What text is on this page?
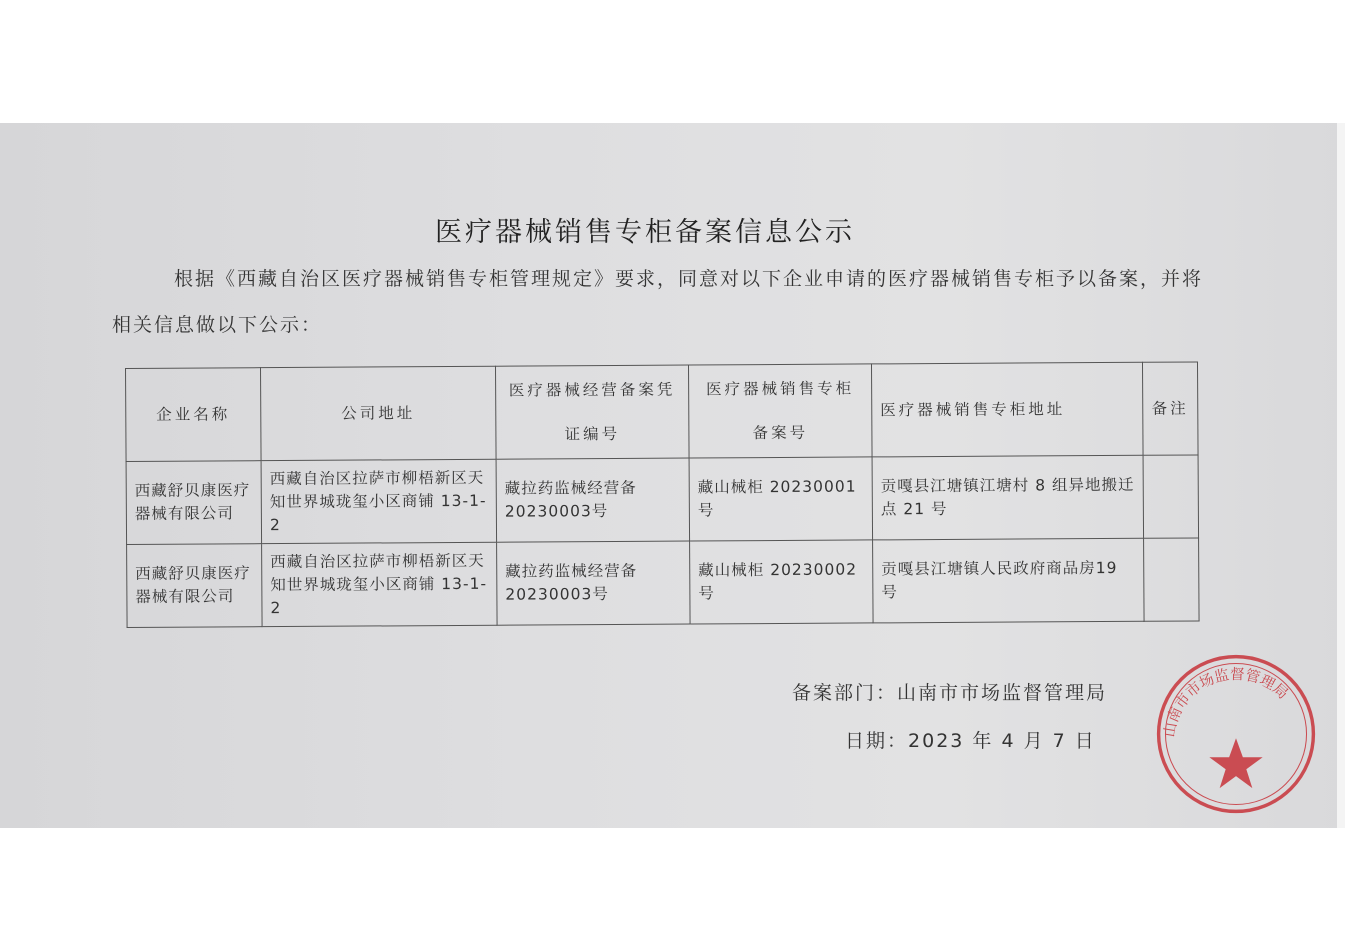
医疗器械销售专柜备案信息公示
根据《西藏自治区医疗器械销售专柜管理规定》要求，同意对以下企业申请的医疗器械销售专柜予以备案，并将相关信息做以下公示：
企业名称	公司地址	医疗器械经营备案凭证编号	医疗器械销售专柜备案号	医疗器械销售专柜地址	备注
西藏舒贝康医疗器械有限公司	西藏自治区拉萨市柳梧新区天知世界城珑玺小区商铺 13-1-2	藏拉药监械经营备20230003号	藏山械柜 20230001号	贡嘎县江塘镇江塘村 8 组异地搬迁点 21 号	
西藏舒贝康医疗器械有限公司	西藏自治区拉萨市柳梧新区天知世界城珑玺小区商铺 13-1-2	藏拉药监械经营备20230003号	藏山械柜 20230002号	贡嘎县江塘镇人民政府商品房19 号	
备案部门：山南市市场监督管理局
日期：2023 年 4 月 7 日
山南市市场监督管理局
